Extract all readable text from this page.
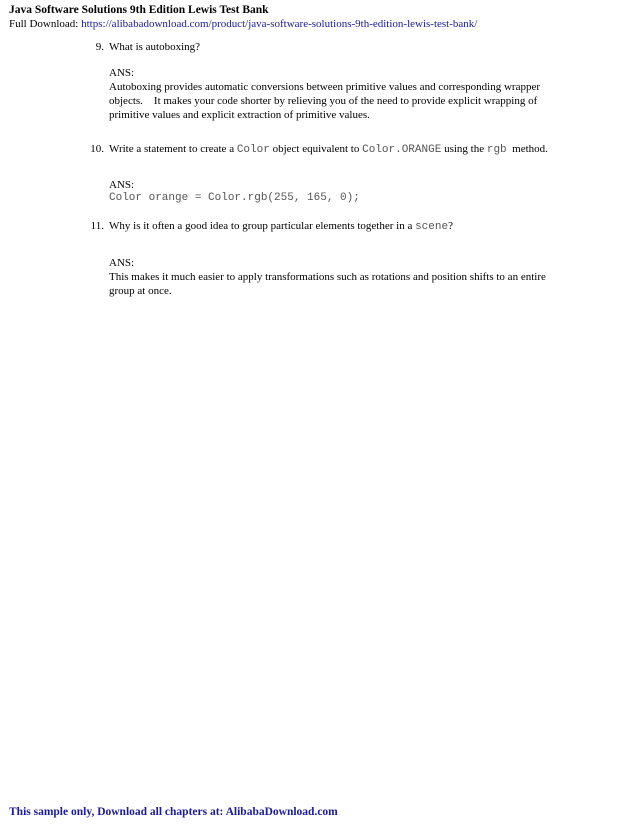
Java Software Solutions 9th Edition Lewis Test Bank
Full Download: https://alibabadownload.com/product/java-software-solutions-9th-edition-lewis-test-bank/
9. What is autoboxing?
ANS:
Autoboxing provides automatic conversions between primitive values and corresponding wrapper
objects.    It makes your code shorter by relieving you of the need to provide explicit wrapping of
primitive values and explicit extraction of primitive values.
10. Write a statement to create a Color object equivalent to Color.ORANGE using the rgb  method.
ANS:
Color orange = Color.rgb(255, 165, 0);
11. Why is it often a good idea to group particular elements together in a scene?
ANS:
This makes it much easier to apply transformations such as rotations and position shifts to an entire
group at once.
This sample only, Download all chapters at: AlibabaDownload.com
